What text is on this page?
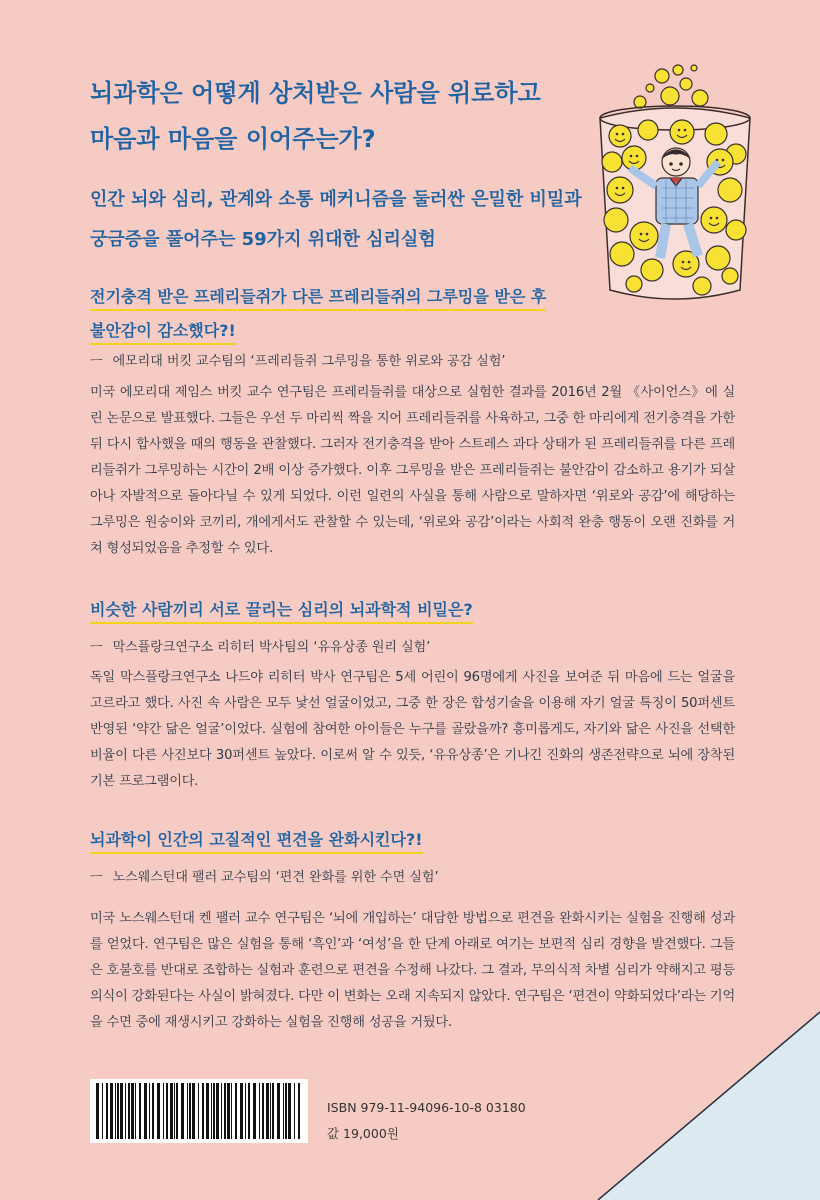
뇌과학은 어떻게 상처받은 사람을 위로하고
마음과 마음을 이어주는가?
인간 뇌와 심리, 관계와 소통 메커니즘을 둘러싼 은밀한 비밀과
궁금증을 풀어주는 59가지 위대한 심리실험
전기충격 받은 프레리들쥐가 다른 프레리들쥐의 그루밍을 받은 후
불안감이 감소했다?!
ㅡ 에모리대 버킷 교수팀의 ‘프레리들쥐 그루밍을 통한 위로와 공감 실험’
미국 에모리대 제임스 버킷 교수 연구팀은 프레리들쥐를 대상으로 실험한 결과를 2016년 2월 《사이언스》에 실린 논문으로 발표했다. 그들은 우선 두 마리씩 짝을 지어 프레리들쥐를 사육하고, 그중 한 마리에게 전기충격을 가한 뒤 다시 합사했을 때의 행동을 관찰했다. 그러자 전기충격을 받아 스트레스 과다 상태가 된 프레리들쥐를 다른 프레리들쥐가 그루밍하는 시간이 2배 이상 증가했다. 이후 그루밍을 받은 프레리들쥐는 불안감이 감소하고 용기가 되살아나 자발적으로 돌아다닐 수 있게 되었다. 이런 일련의 사실을 통해 사람으로 말하자면 ‘위로와 공감’에 해당하는 그루밍은 원숭이와 코끼리, 개에게서도 관찰할 수 있는데, ‘위로와 공감’이라는 사회적 완충 행동이 오랜 진화를 거쳐 형성되었음을 추정할 수 있다.
비슷한 사람끼리 서로 끌리는 심리의 뇌과학적 비밀은?
ㅡ 막스플랑크연구소 리히터 박사팀의 ‘유유상종 원리 실험’
독일 막스플랑크연구소 나드야 리히터 박사 연구팀은 5세 어린이 96명에게 사진을 보여준 뒤 마음에 드는 얼굴을 고르라고 했다. 사진 속 사람은 모두 낯선 얼굴이었고, 그중 한 장은 합성기술을 이용해 자기 얼굴 특징이 50퍼센트 반영된 ‘약간 닮은 얼굴’이었다. 실험에 참여한 아이들은 누구를 골랐을까? 흥미롭게도, 자기와 닮은 사진을 선택한 비율이 다른 사진보다 30퍼센트 높았다. 이로써 알 수 있듯, ‘유유상종’은 기나긴 진화의 생존전략으로 뇌에 장착된 기본 프로그램이다.
뇌과학이 인간의 고질적인 편견을 완화시킨다?!
ㅡ 노스웨스턴대 팰러 교수팀의 ‘편견 완화를 위한 수면 실험’
미국 노스웨스턴대 켄 팰러 교수 연구팀은 ‘뇌에 개입하는’ 대담한 방법으로 편견을 완화시키는 실험을 진행해 성과를 얻었다. 연구팀은 많은 실험을 통해 ‘흑인’과 ‘여성’을 한 단계 아래로 여기는 보편적 심리 경향을 발견했다. 그들은 호불호를 반대로 조합하는 실험과 훈련으로 편견을 수정해 나갔다. 그 결과, 무의식적 차별 심리가 약해지고 평등의식이 강화된다는 사실이 밝혀졌다. 다만 이 변화는 오래 지속되지 않았다. 연구팀은 ‘편견이 약화되었다’라는 기억을 수면 중에 재생시키고 강화하는 실험을 진행해 성공을 거뒀다.
ISBN 979-11-94096-10-8 03180
값 19,000원
